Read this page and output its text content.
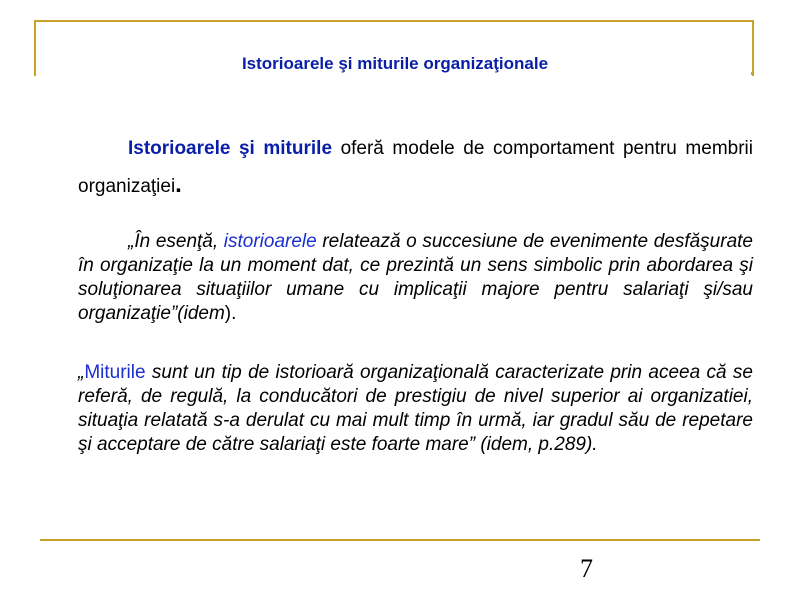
Istorioarele şi miturile organizaţionale
Istorioarele şi miturile oferă modele de comportament pentru membrii organizaţiei.
„În esenţă, istorioarele relatează o succesiune de evenimente desfăşurate în organizaţie la un moment dat, ce prezintă un sens simbolic prin abordarea şi soluţionarea situaţiilor umane cu implicaţii majore pentru salariaţi şi/sau organizaţie”(idem).
„Miturile sunt un tip de istorioară organizaţională caracterizate prin aceea că se referă, de regulă, la conducători de prestigiu de nivel superior ai organizatiei, situaţia relatată s-a derulat cu mai mult timp în urmă, iar gradul său de repetare şi acceptare de către salariaţi este foarte mare” (idem, p.289).
7
